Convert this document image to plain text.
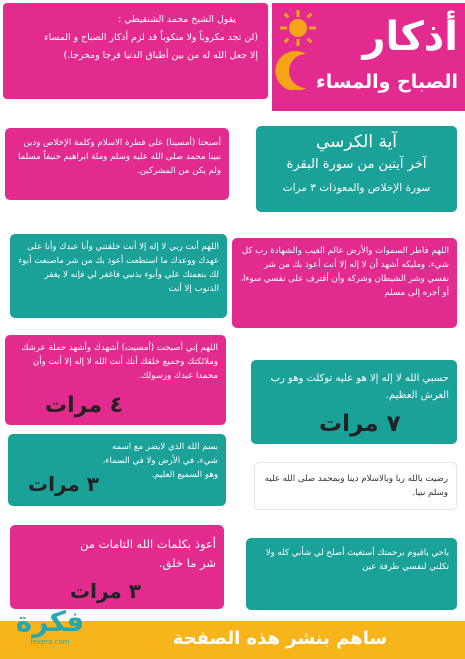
أذكار
الصباح والمساء
يقول الشيخ محمد الشنقيطي :
(لن تجد مكروباً ولا منكوباً قد لزم أذكار الصباح و المساء
إلا جعل الله له من بين أطباق الدنيا فرجا ومخرجا.)
آية الكرسي
آخر آيتين من سورة البقرة
سورة الإخلاص والمعوذات ٣ مرات
أصبحنا (أمسينا) على فطرة الاسلام وكلمة الإخلاص ودين نبينا محمد صلى الله عليه وسلم وملة ابراهيم حنيفاً مسلما ولم يكن من المشركين.
اللهم أنت ربي لا إله إلا أنت خلقتني وأنا عبدك وأنا على عهدك ووعدك ما استطعت أعوذ بك من شر ماصنعت أبوء لك بنعمتك علي وأبوء بذنبي فاغفر لي فإنه لا يغفر الذنوب إلا أنت
اللهم فاطر السموات والأرض عالم الغيب والشهادة رب كل شيء، ومليكه أشهد أن لا إله إلا أنت أعوذ بك من شر نفسي وشر الشيطان وشركه وأن أقترف على نفسي سوءا، أو أجره إلى مسلم
اللهم إني أصبحت (أمسيت) أشهدك وأشهد حملة عرشك وملائكتك وجميع خلقك أنك أنت الله لا إله إلا أنت وأن محمدا عبدك ورسولك.
٤ مرات
حسبي الله لا إله إلا هو عليه توكلت وهو رب العرش العظيم.
٧ مرات
بسم الله الذي لايضر مع اسمه شيء، في الأرض ولا في السماء، وهو السميع العليم.
٣ مرات	رضيت بالله ربا وبالاسلام دينا وبمحمد صلى الله عليه وسلم نبيا.
أعوذ بكلمات الله التامات من شر ما خلق.
٣ مرات
ياحي ياقيوم برحمتك أستغيث أصلح لي شأني كله ولا تكلني لنفسي طرفة عين
ساهم بنشر هذه الصفحة
فكرة
fekera.com
